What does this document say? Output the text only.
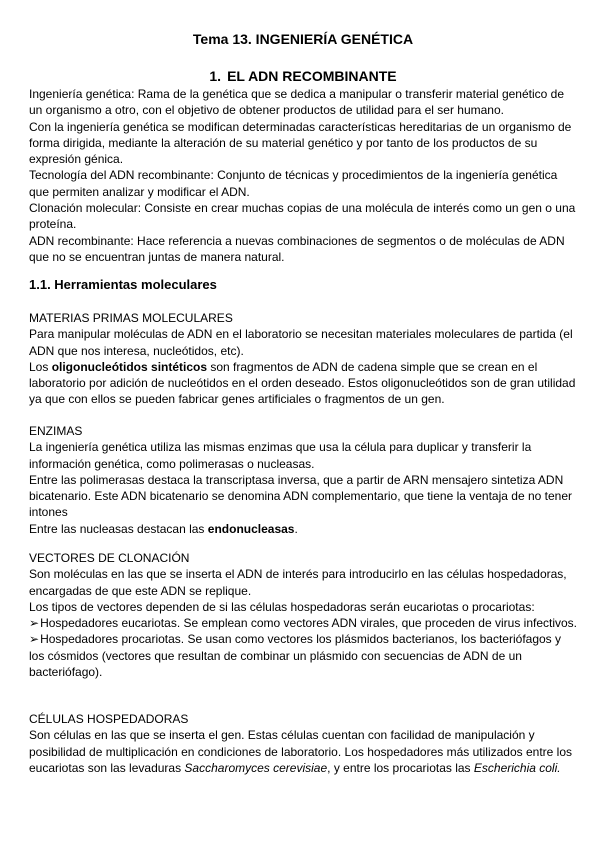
Tema 13. INGENIERÍA GENÉTICA
1. EL ADN RECOMBINANTE

Ingeniería genética: Rama de la genética que se dedica a manipular o transferir material genético de un organismo a otro, con el objetivo de obtener productos de utilidad para el ser humano.

Con la ingeniería genética se modifican determinadas características hereditarias de un organismo de forma dirigida, mediante la alteración de su material genético y por tanto de los productos de su expresión génica.

Tecnología del ADN recombinante: Conjunto de técnicas y procedimientos de la ingeniería genética que permiten analizar y modificar el ADN.

Clonación molecular: Consiste en crear muchas copias de una molécula de interés como un gen o una proteína.

ADN recombinante: Hace referencia a nuevas combinaciones de segmentos o de moléculas de ADN que no se encuentran juntas de manera natural.

1.1. Herramientas moleculares
MATERIAS PRIMAS MOLECULARES

Para manipular moléculas de ADN en el laboratorio se necesitan materiales moleculares de partida (el ADN que nos interesa, nucleótidos, etc).

Los oligonucleótidos sintéticos son fragmentos de ADN de cadena simple que se crean en el laboratorio por adición de nucleótidos en el orden deseado. Estos oligonucleótidos son de gran utilidad ya que con ellos se pueden fabricar genes artificiales o fragmentos de un gen.

ENZIMAS

La ingeniería genética utiliza las mismas enzimas que usa la célula para duplicar y transferir la información genética, como polimerasas o nucleasas.

Entre las polimerasas destaca la transcriptasa inversa, que a partir de ARN mensajero sintetiza ADN bicatenario. Este ADN bicatenario se denomina ADN complementario, que tiene la ventaja de no tener intones

Entre las nucleasas destacan las endonucleasas.

VECTORES DE CLONACIÓN

Son moléculas en las que se inserta el ADN de interés para introducirlo en las células hospedadoras, encargadas de que este ADN se replique.

Los tipos de vectores dependen de si las células hospedadoras serán eucariotas o procariotas:

➢Hospedadores eucariotas. Se emplean como vectores ADN virales, que proceden de virus infectivos.

➢Hospedadores procariotas. Se usan como vectores los plásmidos bacterianos, los bacteriófagos y los cósmidos (vectores que resultan de combinar un plásmido con secuencias de ADN de un bacteriófago).

CÉLULAS HOSPEDADORAS

Son células en las que se inserta el gen. Estas células cuentan con facilidad de manipulación y posibilidad de multiplicación en condiciones de laboratorio. Los hospedadores más utilizados entre los eucariotas son las levaduras Saccharomyces cerevisiae, y entre los procariotas las Escherichia coli.
